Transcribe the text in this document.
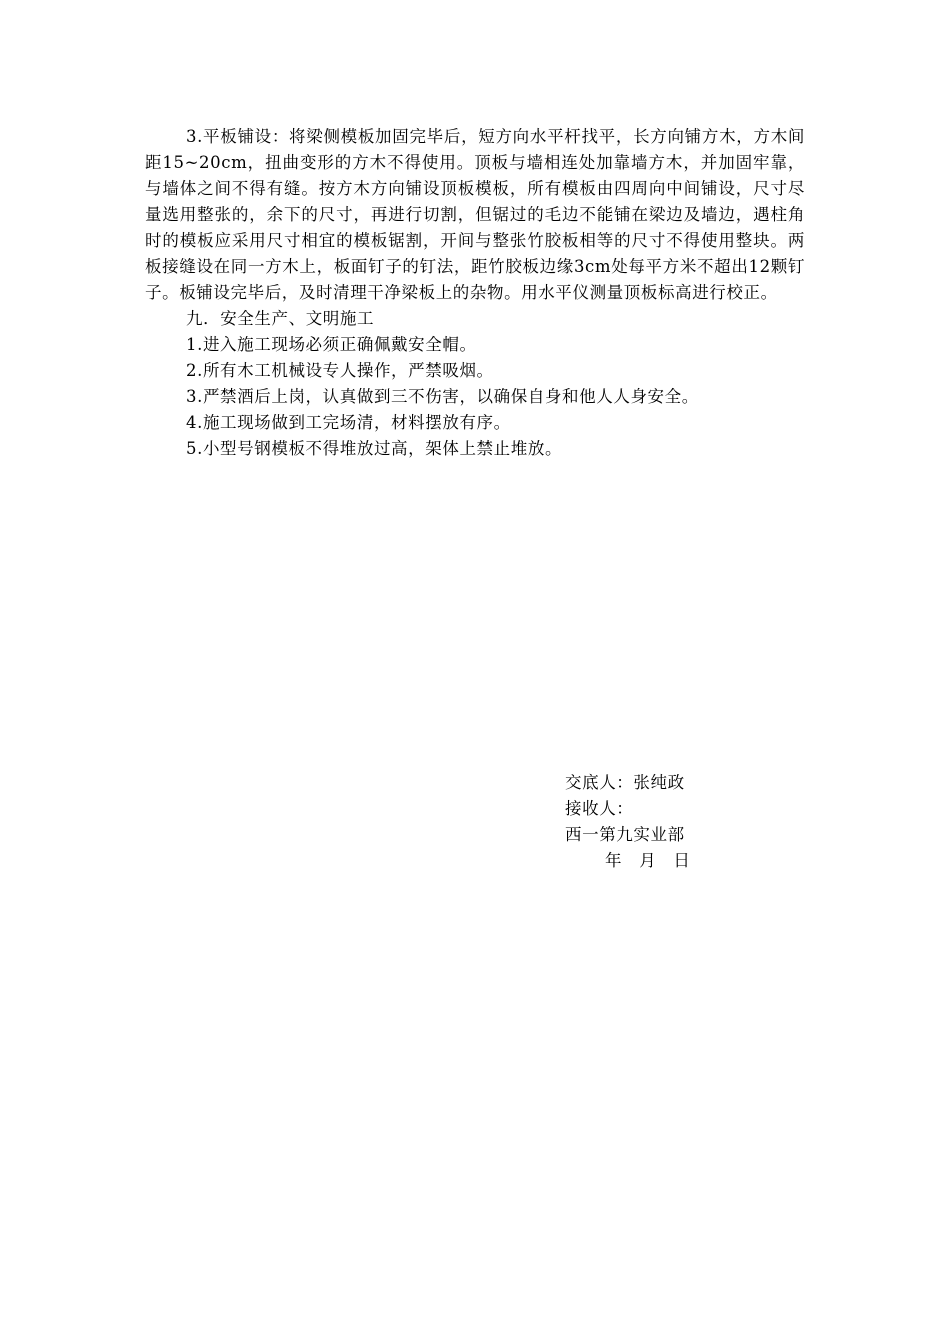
3.平板铺设：将梁侧模板加固完毕后，短方向水平杆找平，长方向铺方木，方木间距15~20cm，扭曲变形的方木不得使用。顶板与墙相连处加靠墙方木，并加固牢靠，与墙体之间不得有缝。按方木方向铺设顶板模板，所有模板由四周向中间铺设，尺寸尽量选用整张的，余下的尺寸，再进行切割，但锯过的毛边不能铺在梁边及墙边，遇柱角时的模板应采用尺寸相宜的模板锯割，开间与整张竹胶板相等的尺寸不得使用整块。两板接缝设在同一方木上，板面钉子的钉法，距竹胶板边缘3cm处每平方米不超出12颗钉子。板铺设完毕后，及时清理干净梁板上的杂物。用水平仪测量顶板标高进行校正。

九．安全生产、文明施工

1.进入施工现场必须正确佩戴安全帽。

2.所有木工机械设专人操作，严禁吸烟。

3.严禁酒后上岗，认真做到三不伤害，以确保自身和他人人身安全。

4.施工现场做到工完场清，材料摆放有序。

5.小型号钢模板不得堆放过高，架体上禁止堆放。

交底人：张纯政

接收人：

西一第九实业部

年　月　日
